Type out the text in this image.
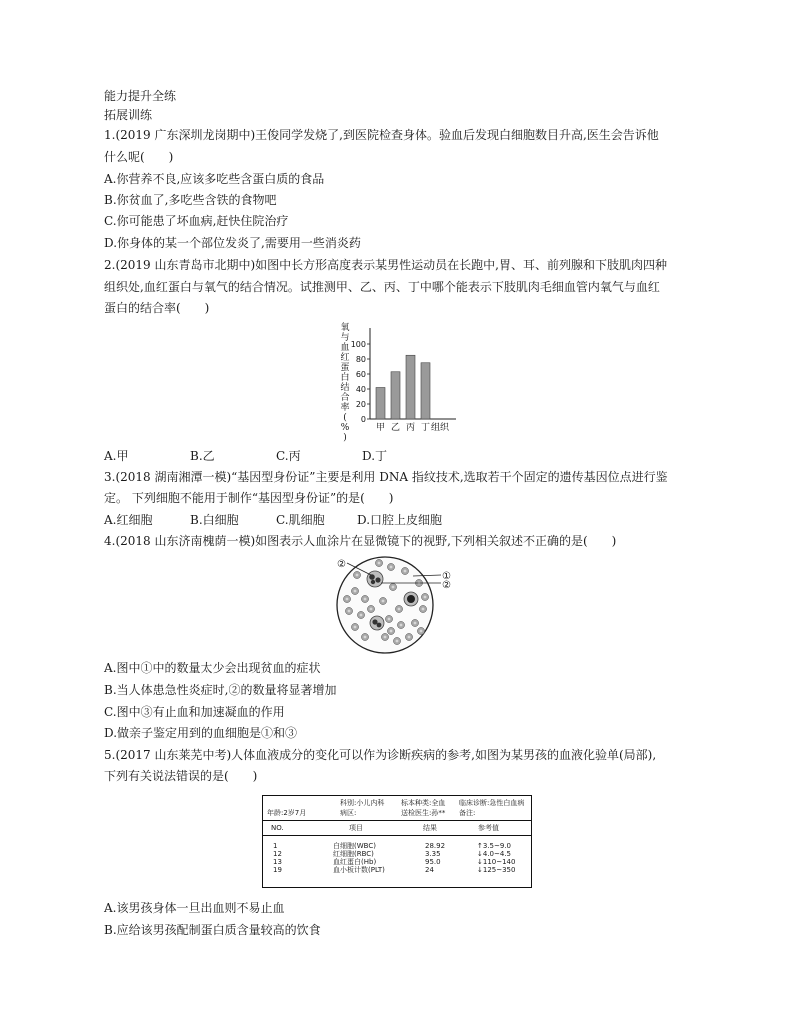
能力提升全练
拓展训练
1.(2019 广东深圳龙岗期中)王俊同学发烧了,到医院检查身体。验血后发现白细胞数目升高,医生会告诉他
什么呢(　　)
A.你营养不良,应该多吃些含蛋白质的食品
B.你贫血了,多吃些含铁的食物吧
C.你可能患了坏血病,赶快住院治疗
D.你身体的某一个部位发炎了,需要用一些消炎药
2.(2019 山东青岛市北期中)如图中长方形高度表示某男性运动员在长跑中,胃、耳、前列腺和下肢肌肉四种
组织处,血红蛋白与氧气的结合情况。试推测甲、乙、丙、丁中哪个能表示下肢肌肉毛细血管内氧气与血红
蛋白的结合率(　　)
氧
与
血
红
蛋
白
结
合
率
(
%
)
100
80
60
40
20
0
甲 乙 丙 丁 组织
A.甲	B.乙	C.丙	D.丁
3.(2018 湖南湘潭一模)“基因型身份证”主要是利用 DNA 指纹技术,选取若干个固定的遗传基因位点进行鉴
定。 下列细胞不能用于制作“基因型身份证”的是(　　)
A.红细胞	B.白细胞	C.肌细胞	D.口腔上皮细胞
4.(2018 山东济南槐荫一模)如图表示人血涂片在显微镜下的视野,下列相关叙述不正确的是(　　)
②
①
②
A.图中①中的数量太少会出现贫血的症状
B.当人体患急性炎症时,②的数量将显著增加
C.图中③有止血和加速凝血的作用
D.做亲子鉴定用到的血细胞是①和③
5.(2017 山东莱芜中考)人体血液成分的变化可以作为诊断疾病的参考,如图为某男孩的血液化验单(局部),
下列有关说法错误的是(　　)
科别:小儿内科 标本种类:全血 临床诊断:急性白血病
年龄:2岁7月	病区:	送检医生:孙** 备注:
NO.	项目	结果	参考值
1	白细胞(WBC)	28.92	↑3.5~9.0
12	红细胞(RBC)	3.35	↓4.0~4.5
13	血红蛋白(Hb)	95.0	↓110~140
19	血小板计数(PLT)	24	↓125~350
A.该男孩身体一旦出血则不易止血
B.应给该男孩配制蛋白质含量较高的饮食
